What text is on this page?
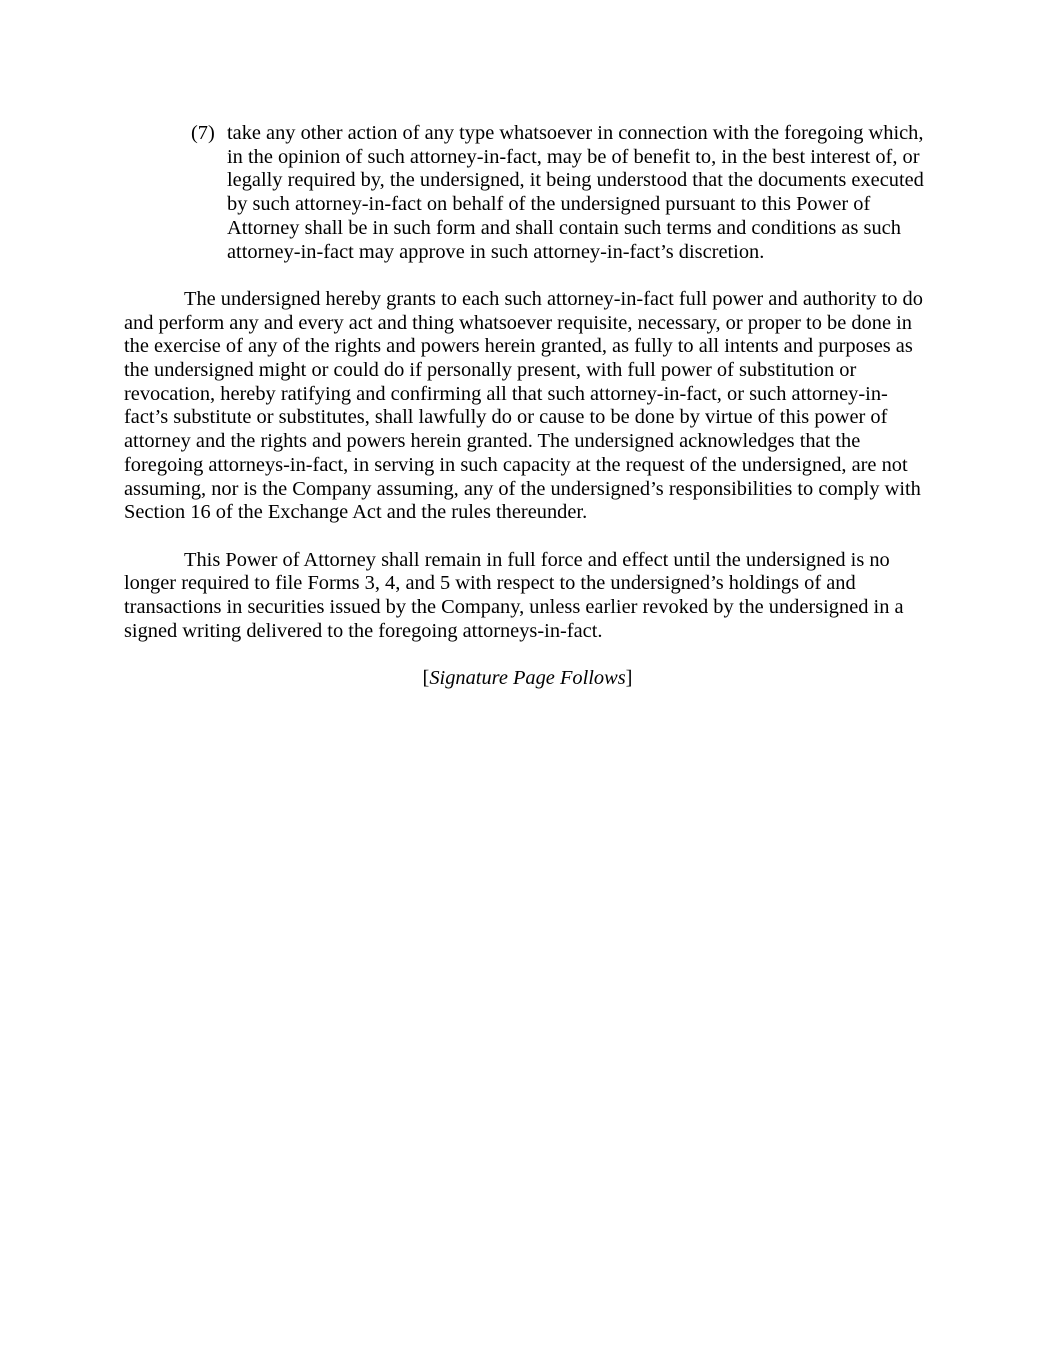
(7) take any other action of any type whatsoever in connection with the foregoing which, in the opinion of such attorney-in-fact, may be of benefit to, in the best interest of, or legally required by, the undersigned, it being understood that the documents executed by such attorney-in-fact on behalf of the undersigned pursuant to this Power of Attorney shall be in such form and shall contain such terms and conditions as such attorney-in-fact may approve in such attorney-in-fact’s discretion.

The undersigned hereby grants to each such attorney-in-fact full power and authority to do and perform any and every act and thing whatsoever requisite, necessary, or proper to be done in the exercise of any of the rights and powers herein granted, as fully to all intents and purposes as the undersigned might or could do if personally present, with full power of substitution or revocation, hereby ratifying and confirming all that such attorney-in-fact, or such attorney-in-fact’s substitute or substitutes, shall lawfully do or cause to be done by virtue of this power of attorney and the rights and powers herein granted. The undersigned acknowledges that the foregoing attorneys-in-fact, in serving in such capacity at the request of the undersigned, are not assuming, nor is the Company assuming, any of the undersigned’s responsibilities to comply with Section 16 of the Exchange Act and the rules thereunder.

This Power of Attorney shall remain in full force and effect until the undersigned is no longer required to file Forms 3, 4, and 5 with respect to the undersigned’s holdings of and transactions in securities issued by the Company, unless earlier revoked by the undersigned in a signed writing delivered to the foregoing attorneys-in-fact.

[Signature Page Follows]
